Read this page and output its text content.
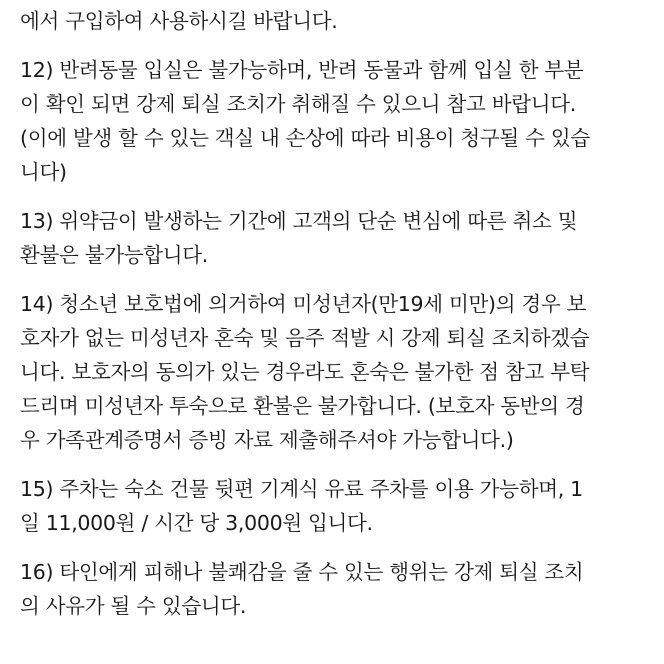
에서 구입하여 사용하시길 바랍니다.
12) 반려동물 입실은 불가능하며, 반려 동물과 함께 입실 한 부분
이 확인 되면 강제 퇴실 조치가 취해질 수 있으니 참고 바랍니다.
(이에 발생 할 수 있는 객실 내 손상에 따라 비용이 청구될 수 있습
니다)
13) 위약금이 발생하는 기간에 고객의 단순 변심에 따른 취소 및
환불은 불가능합니다.
14) 청소년 보호법에 의거하여 미성년자(만19세 미만)의 경우 보
호자가 없는 미성년자 혼숙 및 음주 적발 시 강제 퇴실 조치하겠습
니다. 보호자의 동의가 있는 경우라도 혼숙은 불가한 점 참고 부탁
드리며 미성년자 투숙으로 환불은 불가합니다. (보호자 동반의 경
우 가족관계증명서 증빙 자료 제출해주셔야 가능합니다.)
15) 주차는 숙소 건물 뒷편 기계식 유료 주차를 이용 가능하며, 1
일 11,000원 / 시간 당 3,000원 입니다.
16) 타인에게 피해나 불쾌감을 줄 수 있는 행위는 강제 퇴실 조치
의 사유가 될 수 있습니다.
